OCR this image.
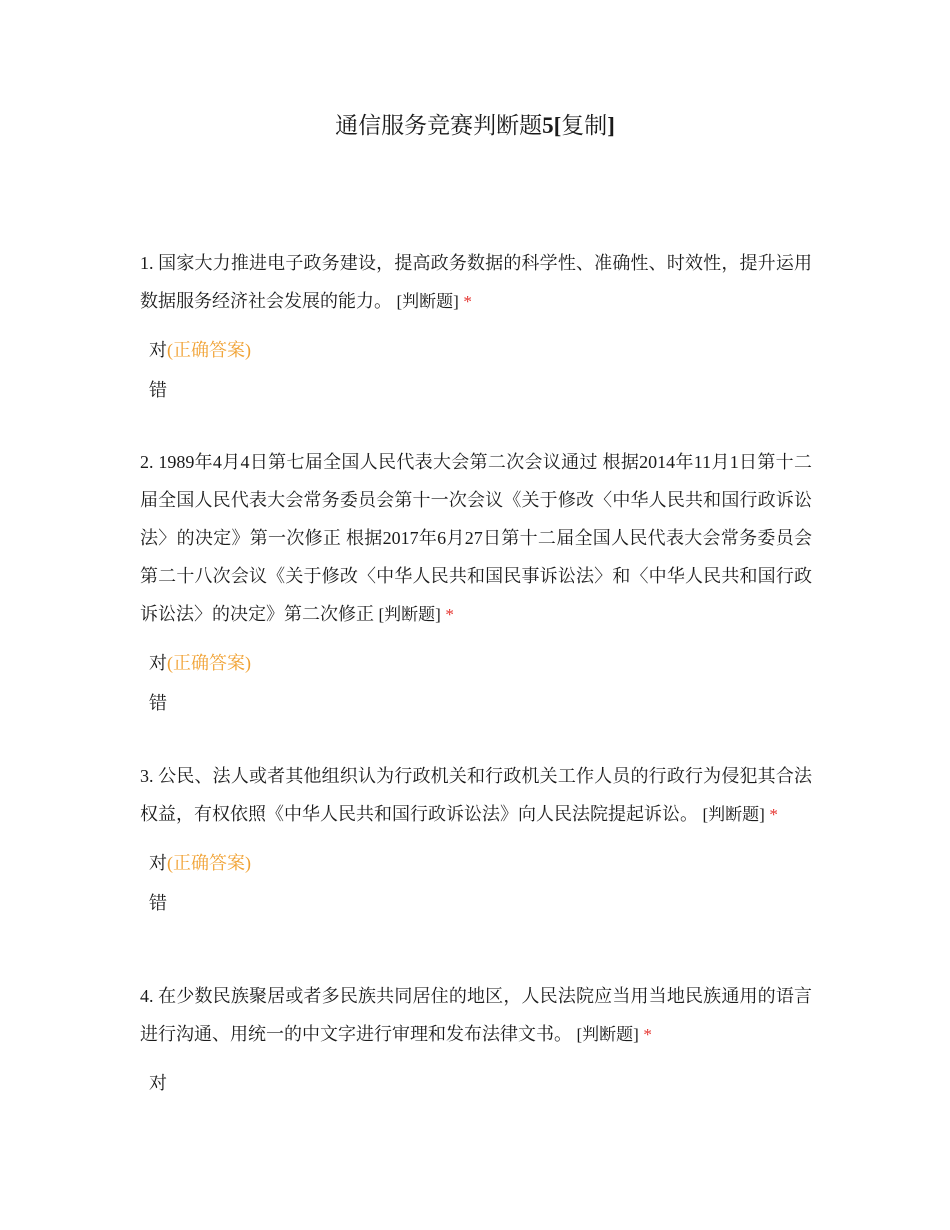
通信服务竞赛判断题5[复制]

1. 国家大力推进电子政务建设，提高政务数据的科学性、准确性、时效性，提升运用数据服务经济社会发展的能力。 [判断题] *

对(正确答案)

错

2. 1989年4月4日第七届全国人民代表大会第二次会议通过 根据2014年11月1日第十二届全国人民代表大会常务委员会第十一次会议《关于修改〈中华人民共和国行政诉讼法〉的决定》第一次修正 根据2017年6月27日第十二届全国人民代表大会常务委员会第二十八次会议《关于修改〈中华人民共和国民事诉讼法〉和〈中华人民共和国行政诉讼法〉的决定》第二次修正 [判断题] *

对(正确答案)

错

3. 公民、法人或者其他组织认为行政机关和行政机关工作人员的行政行为侵犯其合法权益，有权依照《中华人民共和国行政诉讼法》向人民法院提起诉讼。 [判断题] *

对(正确答案)

错

4. 在少数民族聚居或者多民族共同居住的地区，人民法院应当用当地民族通用的语言进行沟通、用统一的中文字进行审理和发布法律文书。 [判断题] *

对
